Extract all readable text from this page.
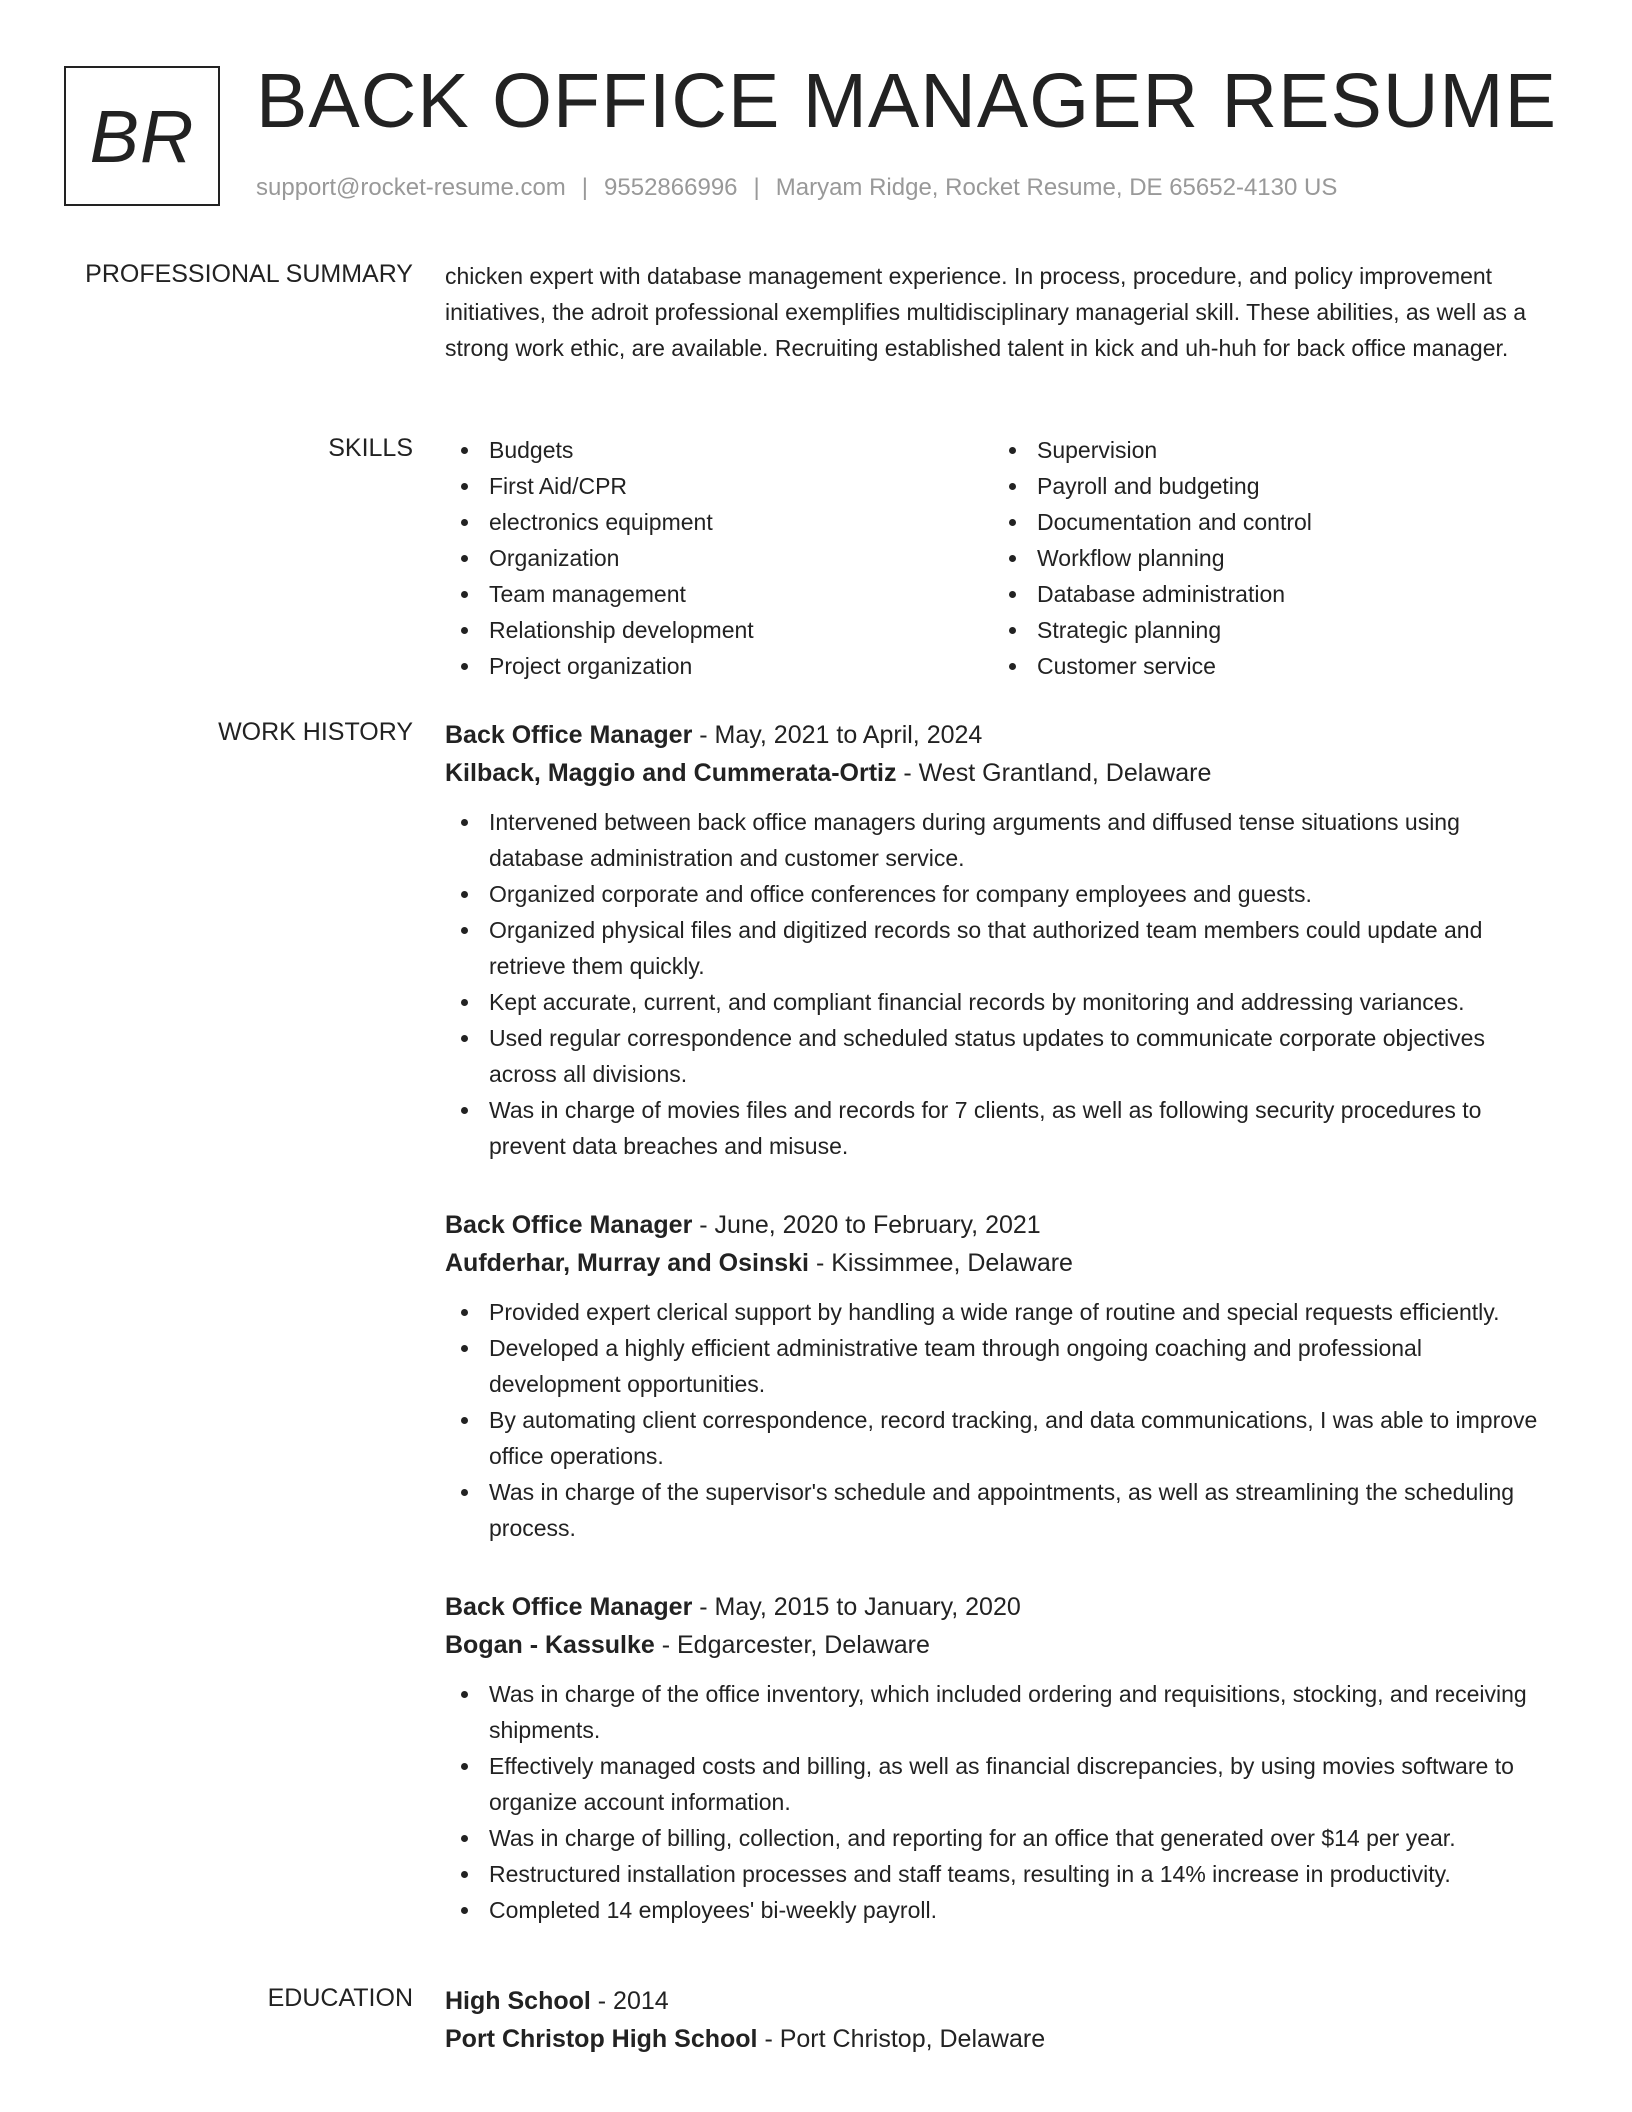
BR BACK OFFICE MANAGER RESUME
support@rocket-resume.com | 9552866996 | Maryam Ridge, Rocket Resume, DE 65652-4130 US
PROFESSIONAL SUMMARY chicken expert with database management experience. In process, procedure, and policy improvement initiatives, the adroit professional exemplifies multidisciplinary managerial skill. These abilities, as well as a strong work ethic, are available. Recruiting established talent in kick and uh-huh for back office manager.

SKILLS	Budgets
First Aid/CPR
electronics equipment
Organization
Team management
Relationship development
Project organization
Supervision
Payroll and budgeting
Documentation and control
Workflow planning
Database administration
Strategic planning
Customer service
WORK HISTORY Back Office Manager - May, 2021 to April, 2024
Kilback, Maggio and Cummerata-Ortiz - West Grantland, Delaware
Intervened between back office managers during arguments and diffused tense situations using database administration and customer service.
Organized corporate and office conferences for company employees and guests.
Organized physical files and digitized records so that authorized team members could update and retrieve them quickly.
Kept accurate, current, and compliant financial records by monitoring and addressing variances.
Used regular correspondence and scheduled status updates to communicate corporate objectives across all divisions.
Was in charge of movies files and records for 7 clients, as well as following security procedures to prevent data breaches and misuse.
Back Office Manager - June, 2020 to February, 2021
Aufderhar, Murray and Osinski - Kissimmee, Delaware
Provided expert clerical support by handling a wide range of routine and special requests efficiently.
Developed a highly efficient administrative team through ongoing coaching and professional development opportunities.
By automating client correspondence, record tracking, and data communications, I was able to improve office operations.
Was in charge of the supervisor's schedule and appointments, as well as streamlining the scheduling process.
Back Office Manager - May, 2015 to January, 2020
Bogan - Kassulke - Edgarcester, Delaware
Was in charge of the office inventory, which included ordering and requisitions, stocking, and receiving shipments.
Effectively managed costs and billing, as well as financial discrepancies, by using movies software to organize account information.
Was in charge of billing, collection, and reporting for an office that generated over $14 per year.
Restructured installation processes and staff teams, resulting in a 14% increase in productivity.
Completed 14 employees' bi-weekly payroll.
EDUCATION High School - 2014
Port Christop High School - Port Christop, Delaware
